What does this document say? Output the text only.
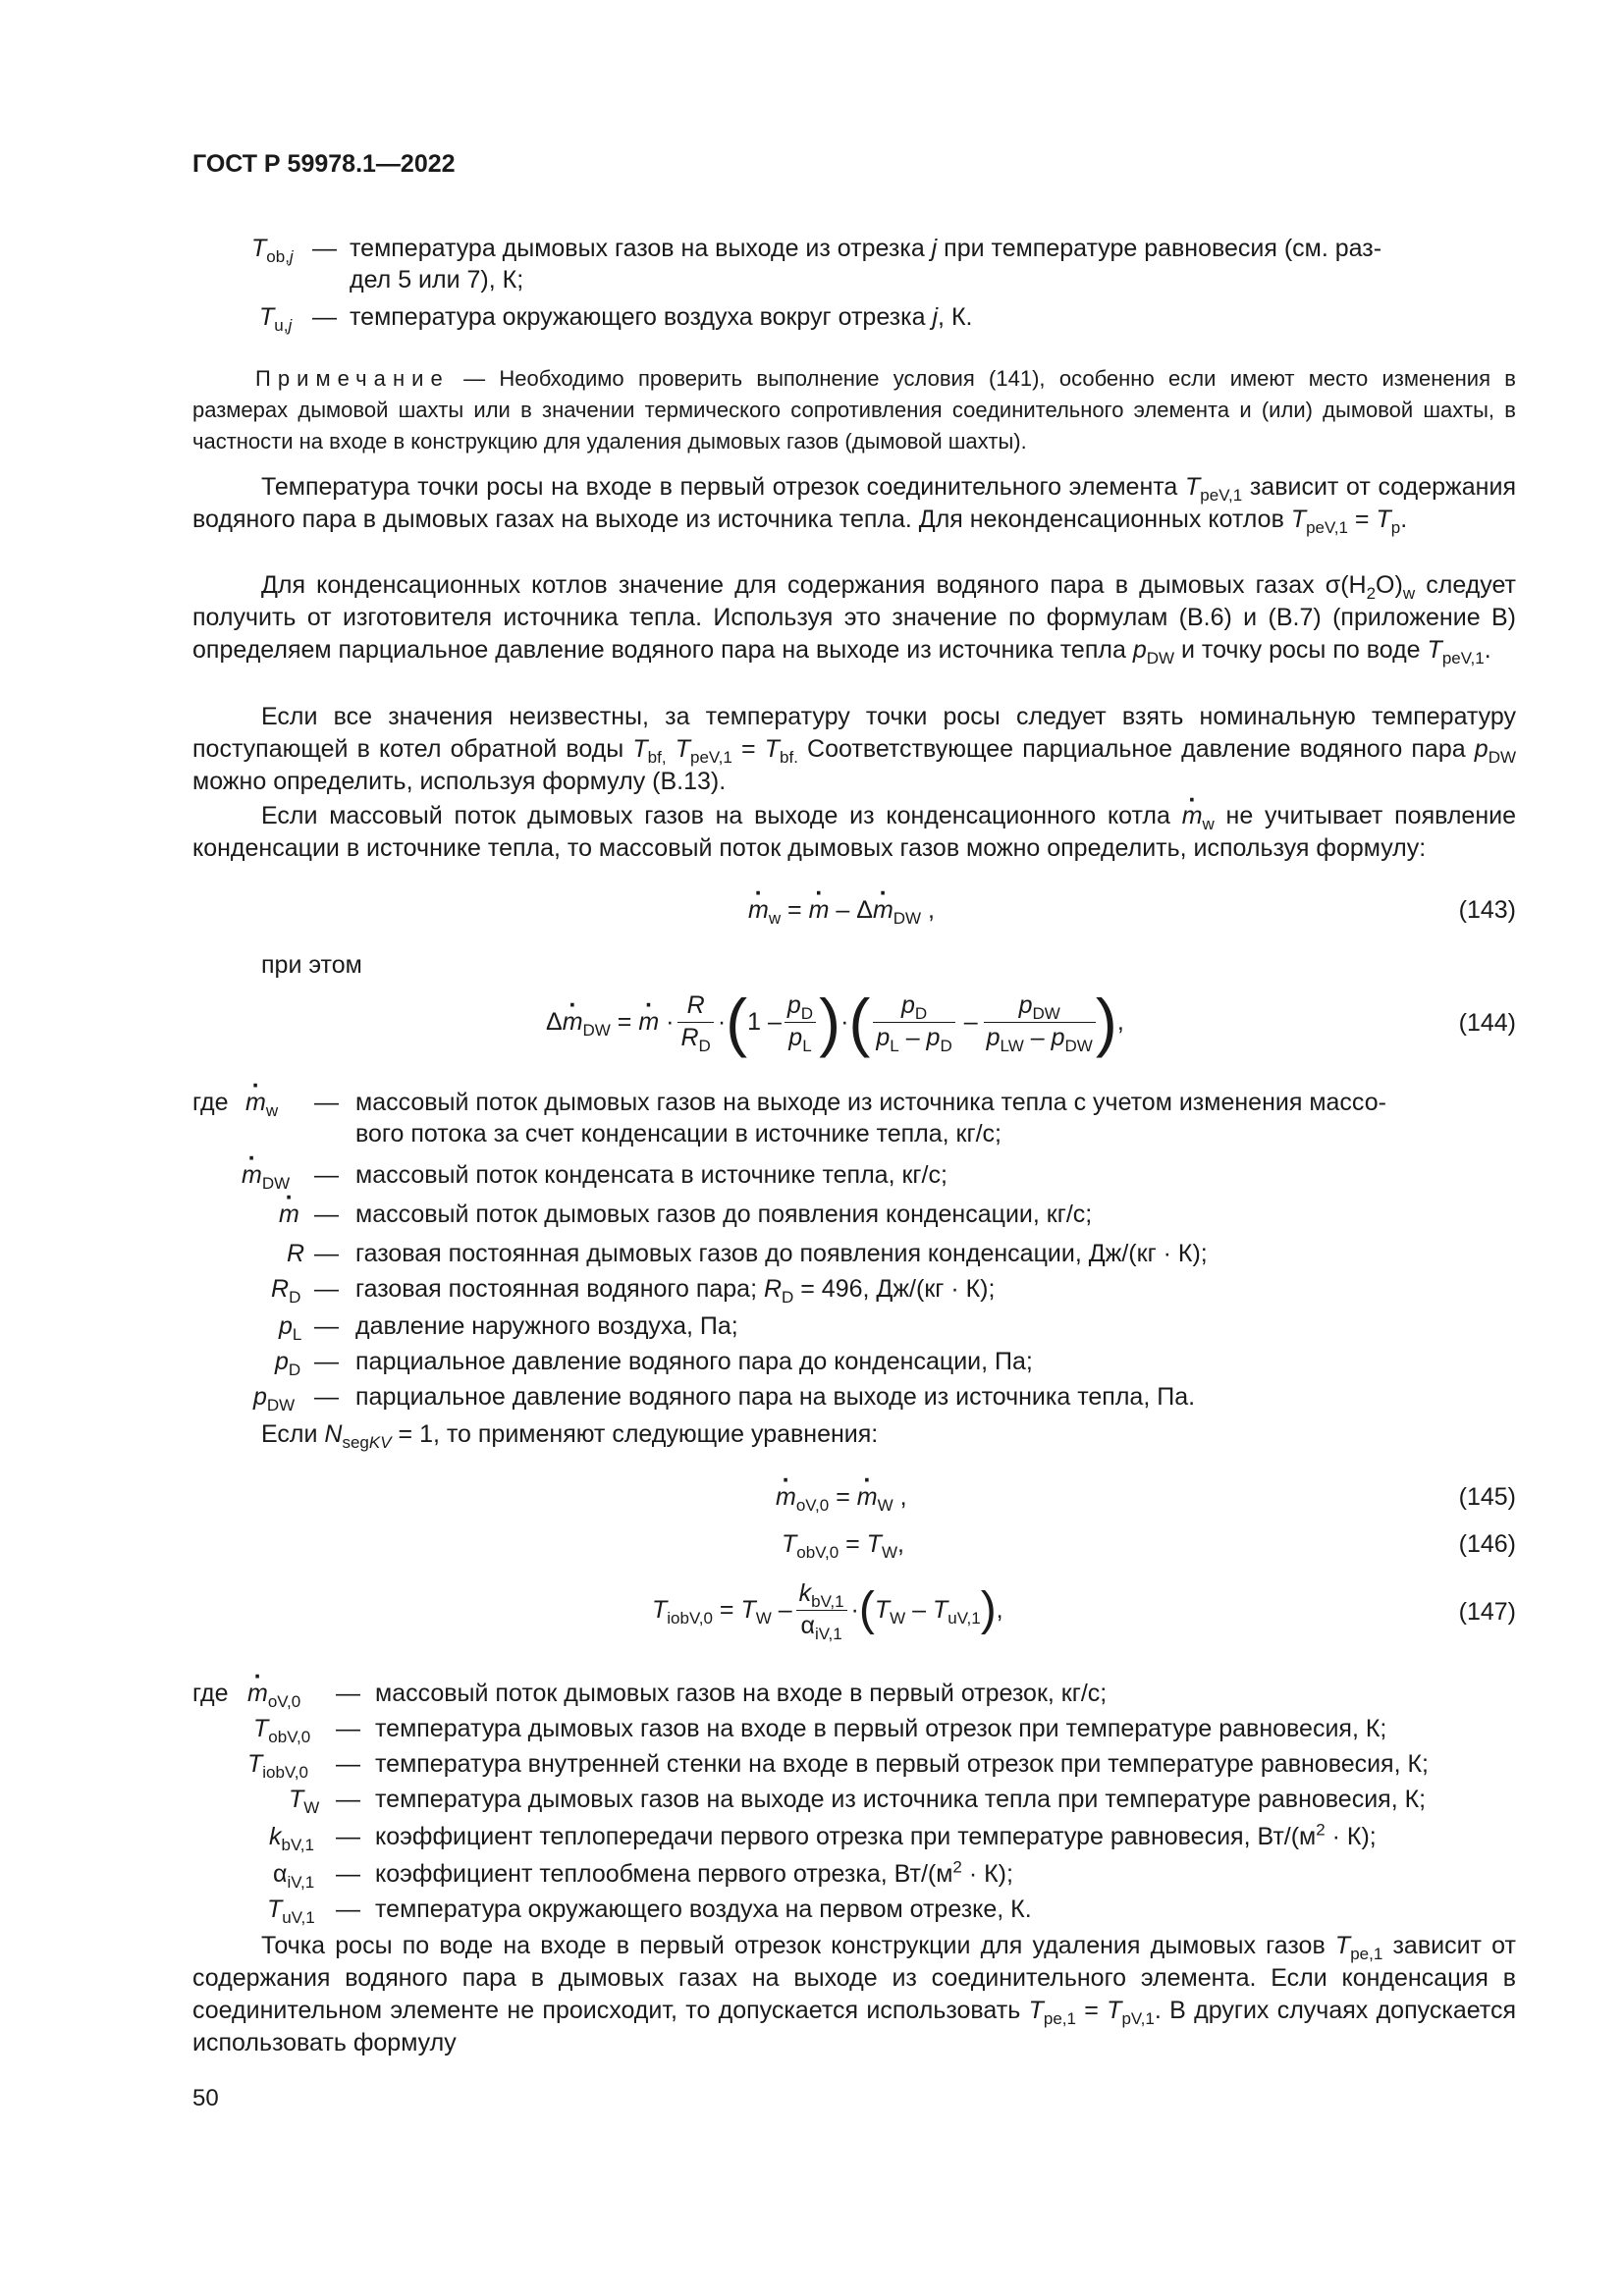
ГОСТ Р 59978.1—2022
$T_{ob,j}$ — температура дымовых газов на выходе из отрезка j при температуре равновесия (см. раз-
дел 5 или 7), К;
$T_{u,j}$ — температура окружающего воздуха вокруг отрезка j, К.
Примечание — Необходимо проверить выполнение условия (141), особенно если имеют место изменения в размерах дымовой шахты или в значении термического сопротивления соединительного элемента и (или) дымовой шахты, в частности на входе в конструкцию для удаления дымовых газов (дымовой шахты).

Температура точки росы на входе в первый отрезок соединительного элемента $T_{peV,1}$ зависит от содержания водяного пара в дымовых газах на выходе из источника тепла. Для неконденсационных котлов $T_{peV,1} = T_p$.

Для конденсационных котлов значение для содержания водяного пара в дымовых газах $\sigma(H_2O)_w$ следует получить от изготовителя источника тепла. Используя это значение по формулам (В.6) и (В.7) (приложение В) определяем парциальное давление водяного пара на выходе из источника тепла $p_{DW}$ и точку росы по воде $T_{peV,1}$.

Если все значения неизвестны, за температуру точки росы следует взять номинальную температуру поступающей в котел обратной воды $T_{bf,}$ $T_{peV,1} = T_{bf.}$ Соответствующее парциальное давление водяного пара $p_{DW}$ можно определить, используя формулу (В.13).

Если массовый поток дымовых газов на выходе из конденсационного котла $m \cdot_w$ не учитывает появление конденсации в источнике тепла, то массовый поток дымовых газов можно определить, используя формулу:

$m \cdot_w = m$ · – $\Delta m \cdot_{DW}$ ,	(143)
при этом
$\Delta m \cdot_{DW} = m$ · · $\frac{R}{R_D}$ · ( $1 - \frac{p_D}{p_L}$ ) · ( $\frac{p_D}{p_L - p_D} - \frac{p_{DW}}{p_{LW} - p_{DW}}$ ) ,	(144)
где $m \cdot_w$ — массовый поток дымовых газов на выходе из источника тепла с учетом изменения массо-
вого потока за счет конденсации в источнике тепла, кг/с;
$m \cdot_{DW}$ — массовый поток конденсата в источнике тепла, кг/с;
m · — массовый поток дымовых газов до появления конденсации, кг/с;
R — газовая постоянная дымовых газов до появления конденсации, Дж/(кг · К);
$R_D$ — газовая постоянная водяного пара; $R_D = 496$, Дж/(кг · К);
$p_L$ — давление наружного воздуха, Па;
$p_D$ — парциальное давление водяного пара до конденсации, Па;
$p_{DW}$ — парциальное давление водяного пара на выходе из источника тепла, Па.
Если $N_{segKV} = 1$, то применяют следующие уравнения:
$m \cdot_{oV,0} = m \cdot_W$ ,	(145)
$T_{obV,0} = T_W$,	(146)
$T_{iobV,0} = T_W - \frac{k_{bV,1}}{\alpha_{iV,1}}$ · ( $T_W - T_{uV,1}$ ) ,	(147)
где $m \cdot_{oV,0}$ — массовый поток дымовых газов на входе в первый отрезок, кг/с;
$T_{obV,0}$ — температура дымовых газов на входе в первый отрезок при температуре равновесия, К;
$T_{iobV,0}$ — температура внутренней стенки на входе в первый отрезок при температуре равновесия, К;
$T_W$ — температура дымовых газов на выходе из источника тепла при температуре равновесия, К;
$k_{bV,1}$ — коэффициент теплопередачи первого отрезка при температуре равновесия, $Вт/(м^2 \cdot К)$;
$\alpha_{iV,1}$ — коэффициент теплообмена первого отрезка, $Вт/(м^2 \cdot К)$;
$T_{uV,1}$ — температура окружающего воздуха на первом отрезке, К.

Точка росы по воде на входе в первый отрезок конструкции для удаления дымовых газов $T_{pe,1}$ зависит от содержания водяного пара в дымовых газах на выходе из соединительного элемента. Если конденсация в соединительном элементе не происходит, то допускается использовать $T_{pe,1} = T_{pV,1}$. В других случаях допускается использовать формулу

50
